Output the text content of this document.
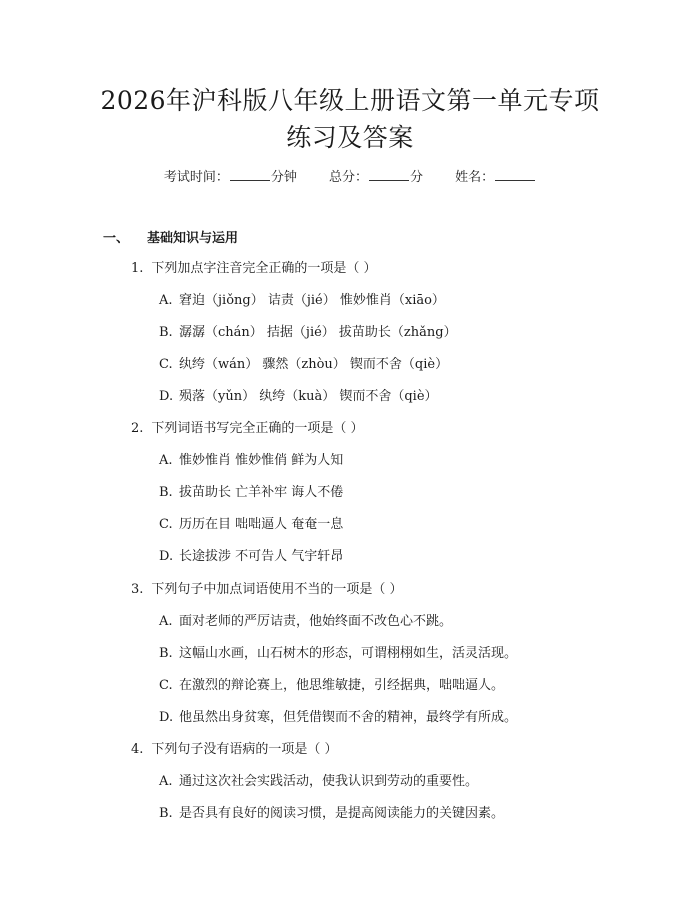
2026年沪科版八年级上册语文第一单元专项
练习及答案
考试时间：	分钟 总分：	分 姓名：
一、 基础知识与运用
1. 下列加点字注音完全正确的一项是（ ）
A. 窘迫（jiǒng） 诘责（jié） 惟妙惟肖（xiāo）
B. 潺潺（chán） 拮据（jié） 拔苗助长（zhǎng）
C. 纨绔（wán） 骤然（zhòu） 锲而不舍（qiè）
D. 殒落（yǔn） 纨绔（kuà） 锲而不舍（qiè）
2. 下列词语书写完全正确的一项是（ ）
A. 惟妙惟肖 惟妙惟俏 鲜为人知
B. 拔苗助长 亡羊补牢 诲人不倦
C. 历历在目 咄咄逼人 奄奄一息
D. 长途拔涉 不可告人 气宇轩昂
3. 下列句子中加点词语使用不当的一项是（ ）
A. 面对老师的严厉诘责，他始终面不改色心不跳。
B. 这幅山水画，山石树木的形态，可谓栩栩如生，活灵活现。
C. 在激烈的辩论赛上，他思维敏捷，引经据典，咄咄逼人。
D. 他虽然出身贫寒，但凭借锲而不舍的精神，最终学有所成。
4. 下列句子没有语病的一项是（ ）
A. 通过这次社会实践活动，使我认识到劳动的重要性。
B. 是否具有良好的阅读习惯，是提高阅读能力的关键因素。
